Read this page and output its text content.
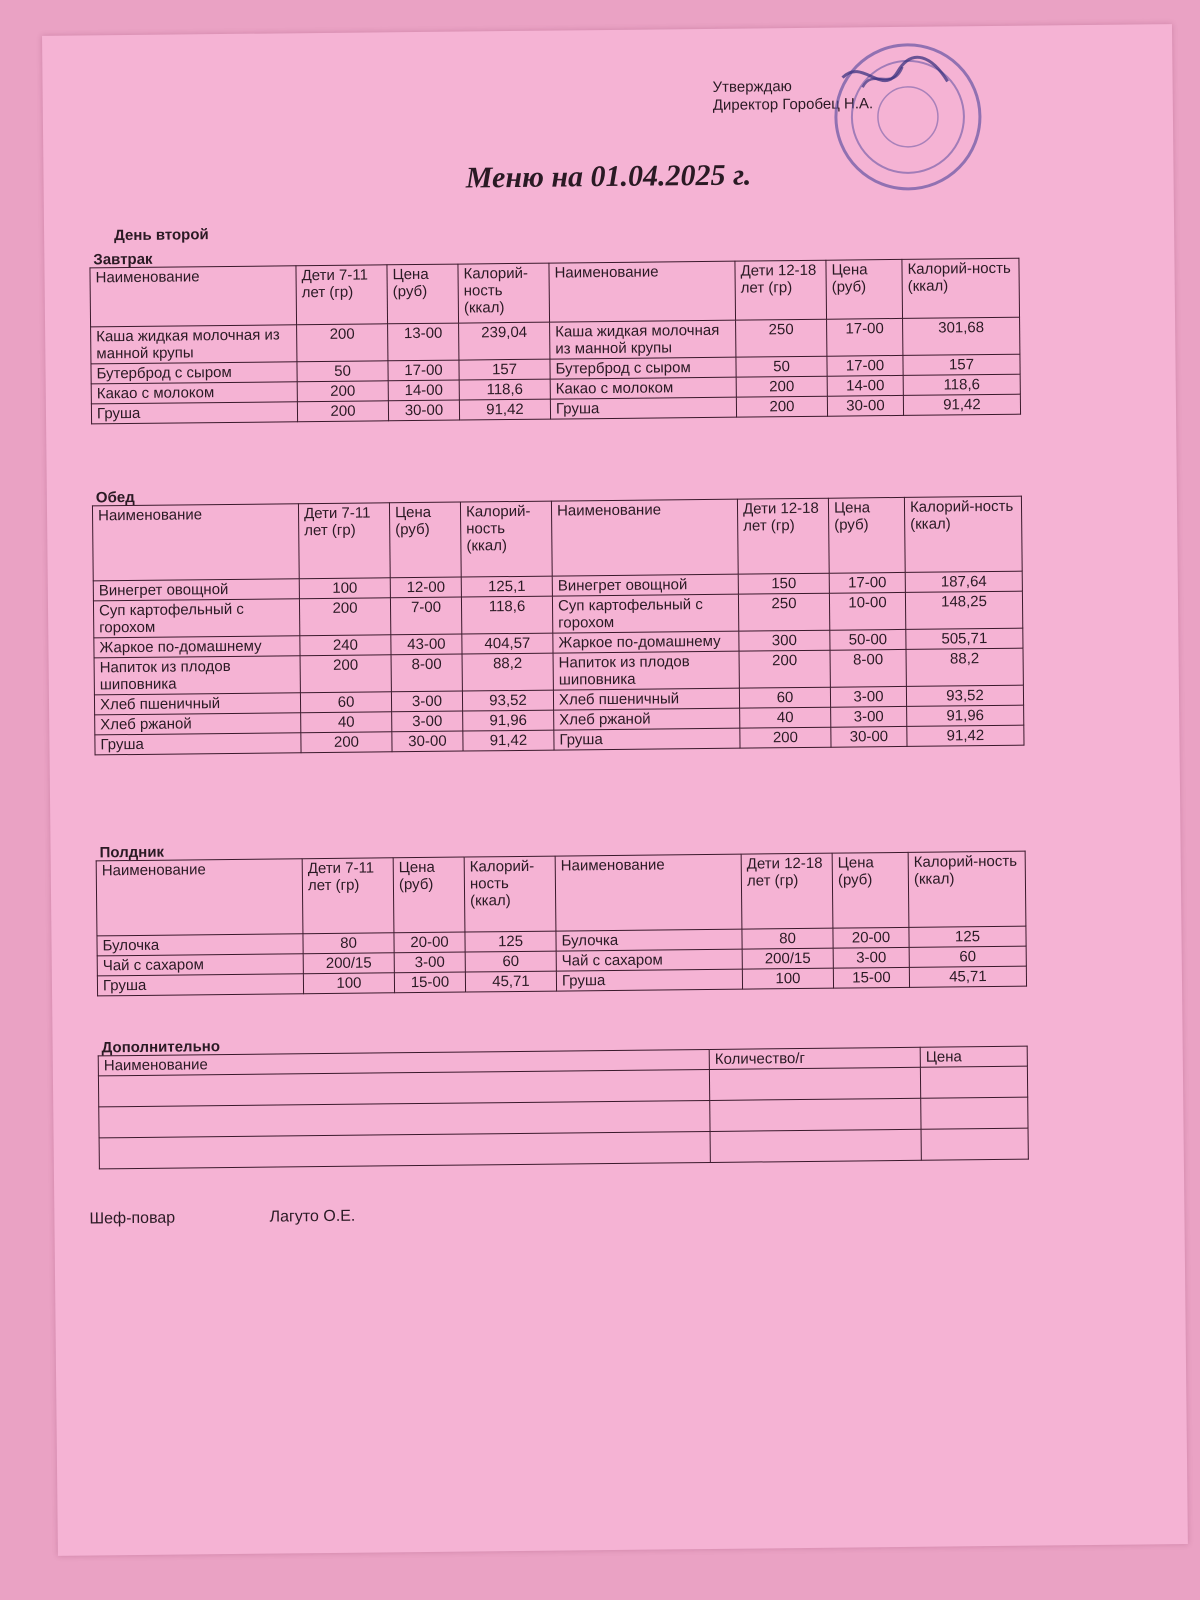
Утверждаю
Директор Горобец Н.А.
Меню на 01.04.2025 г.
День второй
Завтрак
Наименование	Дети 7-11 лет (гр)	Цена (руб)	Калорий-ность (ккал)	Наименование	Дети 12-18 лет (гр)	Цена (руб)	Калорий-ность (ккал)
Каша жидкая молочная из манной крупы	200	13-00	239,04	Каша жидкая молочная из манной крупы	250	17-00	301,68
Бутерброд с сыром	50	17-00	157	Бутерброд с сыром	50	17-00	157
Какао с молоком	200	14-00	118,6	Какао с молоком	200	14-00	118,6
Груша	200	30-00	91,42	Груша	200	30-00	91,42
Обед
Наименование	Дети 7-11 лет (гр)	Цена (руб)	Калорий-ность (ккал)	Наименование	Дети 12-18 лет (гр)	Цена (руб)	Калорий-ность (ккал)
Винегрет овощной	100	12-00	125,1	Винегрет овощной	150	17-00	187,64
Суп картофельный с горохом	200	7-00	118,6	Суп картофельный с горохом	250	10-00	148,25
Жаркое по-домашнему	240	43-00	404,57	Жаркое по-домашнему	300	50-00	505,71
Напиток из плодов шиповника	200	8-00	88,2	Напиток из плодов шиповника	200	8-00	88,2
Хлеб пшеничный	60	3-00	93,52	Хлеб пшеничный	60	3-00	93,52
Хлеб ржаной	40	3-00	91,96	Хлеб ржаной	40	3-00	91,96
Груша	200	30-00	91,42	Груша	200	30-00	91,42
Полдник
Наименование	Дети 7-11 лет (гр)	Цена (руб)	Калорий-ность (ккал)	Наименование	Дети 12-18 лет (гр)	Цена (руб)	Калорий-ность (ккал)
Булочка	80	20-00	125	Булочка	80	20-00	125
Чай с сахаром	200/15	3-00	60	Чай с сахаром	200/15	3-00	60
Груша	100	15-00	45,71	Груша	100	15-00	45,71
Дополнительно
Наименование	Количество/г	Цена

Шеф-повар	Лагуто О.Е.
